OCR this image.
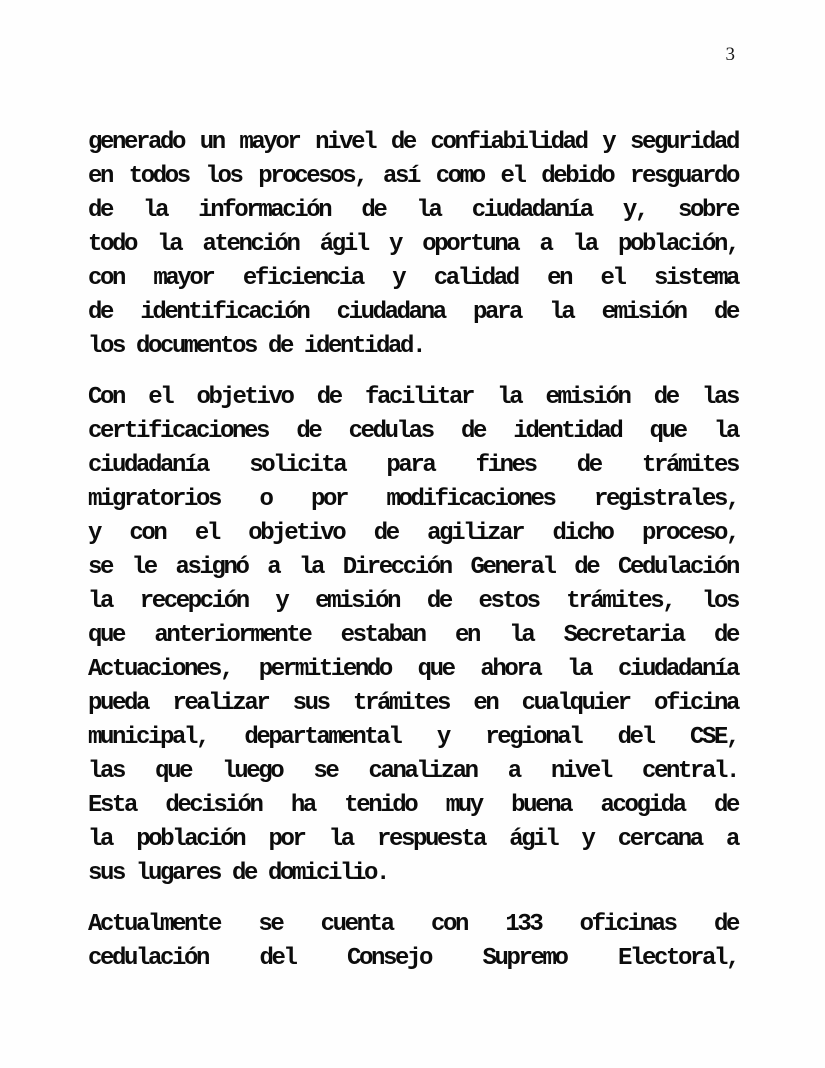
3
generado un mayor nivel de confiabilidad y seguridad
en todos los procesos, así como el debido resguardo
de la información de la ciudadanía y, sobre
todo la atención ágil y oportuna a la población,
con mayor eficiencia y calidad en el sistema
de identificación ciudadana para la emisión de
los documentos de identidad.
Con el objetivo de facilitar la emisión de las
certificaciones de cedulas de identidad que la
ciudadanía solicita para fines de trámites
migratorios o por modificaciones registrales,
y con el objetivo de agilizar dicho proceso,
se le asignó a la Dirección General de Cedulación
la recepción y emisión de estos trámites, los
que anteriormente estaban en la Secretaria de
Actuaciones, permitiendo que ahora la ciudadanía
pueda realizar sus trámites en cualquier oficina
municipal, departamental y regional del CSE,
las que luego se canalizan a nivel central.
Esta decisión ha tenido muy buena acogida de
la población por la respuesta ágil y cercana a
sus lugares de domicilio.
Actualmente se cuenta con 133 oficinas de
cedulación del Consejo Supremo Electoral,
